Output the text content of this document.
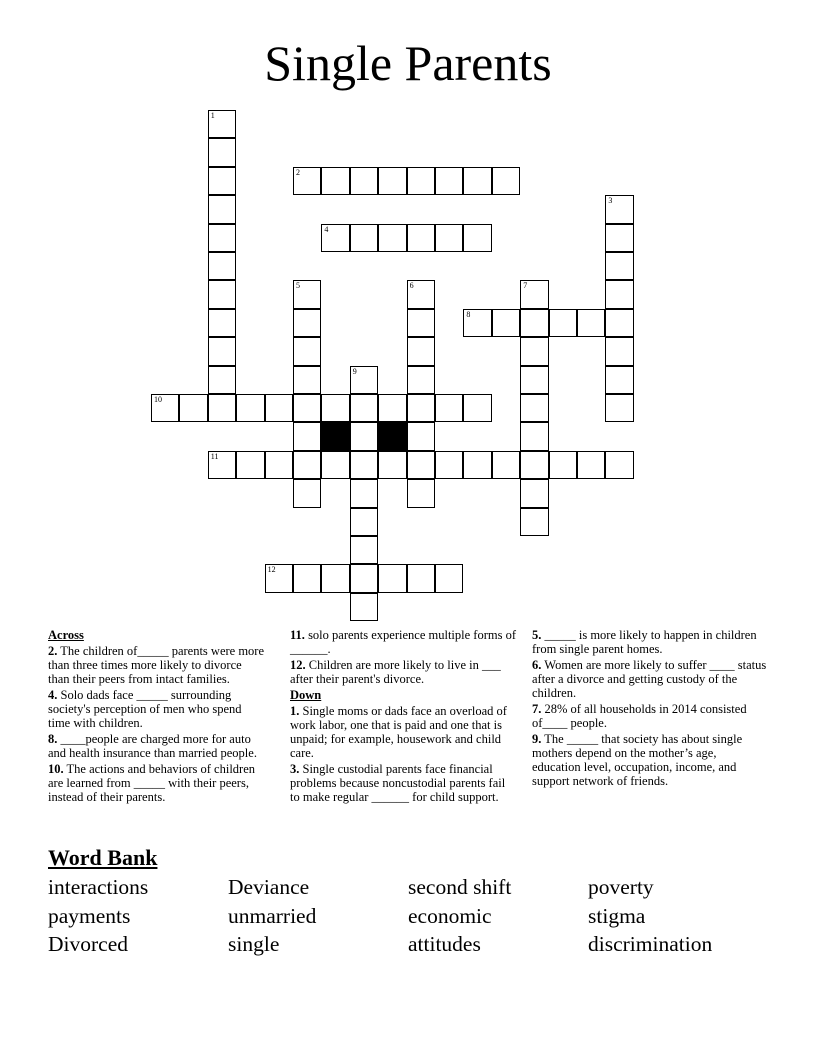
Single Parents
1
2
3
4
5	6	7
8
9
10
11
12
Across

2. The children of_____ parents were more than three times more likely to divorce than their peers from intact families.

4. Solo dads face _____ surrounding society's perception of men who spend time with children.

8. ____people are charged more for auto and health insurance than married people.

10. The actions and behaviors of children are learned from _____ with their peers, instead of their parents.

11. solo parents experience multiple forms of ______.

12. Children are more likely to live in ___ after their parent's divorce.

Down

1. Single moms or dads face an overload of work labor, one that is paid and one that is unpaid; for example, housework and child care.

3. Single custodial parents face financial problems because noncustodial parents fail to make regular ______ for child support.

5. _____ is more likely to happen in children from single parent homes.

6. Women are more likely to suffer ____ status after a divorce and getting custody of the children.

7. 28% of all households in 2014 consisted of____ people.

9. The _____ that society has about single mothers depend on the mother’s age, education level, occupation, income, and support network of friends.

Word Bank
interactions	Deviance	second shift	poverty
payments	unmarried	economic	stigma
Divorced	single	attitudes	discrimination
